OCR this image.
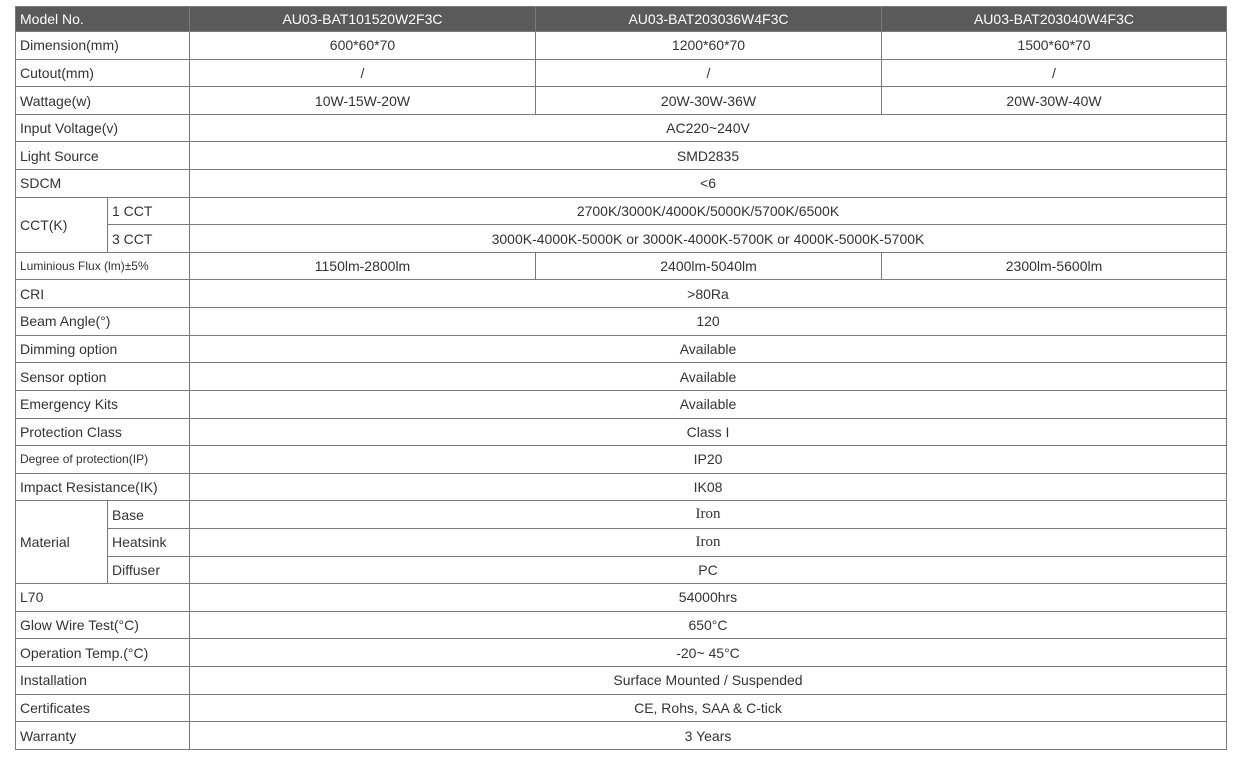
Model No.		AU03-BAT101520W2F3C	AU03-BAT203036W4F3C	AU03-BAT203040W4F3C
Dimension(mm)		600*60*70	1200*60*70	1500*60*70
Cutout(mm)		/	/	/
Wattage(w)		10W-15W-20W	20W-30W-36W	20W-30W-40W
Input Voltage(v)		AC220~240V		
Light Source		SMD2835		
SDCM		<6		
CCT(K)	1 CCT	2700K/3000K/4000K/5000K/5700K/6500K		
	3 CCT	3000K-4000K-5000K or 3000K-4000K-5700K or 4000K-5000K-5700K		
Luminious Flux (lm)±5%		1150lm-2800lm	2400lm-5040lm	2300lm-5600lm
CRI		>80Ra		
Beam Angle(°)		120		
Dimming option		Available		
Sensor option		Available		
Emergency Kits		Available		
Protection Class		Class I		
Degree of protection(IP)		IP20		
Impact Resistance(IK)		IK08		
Material	Base	Iron		
	Heatsink	Iron		
	Diffuser	PC		
L70		54000hrs		
Glow Wire Test(°C)		650°C		
Operation Temp.(°C)		-20~ 45°C		
Installation		Surface Mounted / Suspended		
Certificates		CE, Rohs, SAA & C-tick		
Warranty		3 Years		
